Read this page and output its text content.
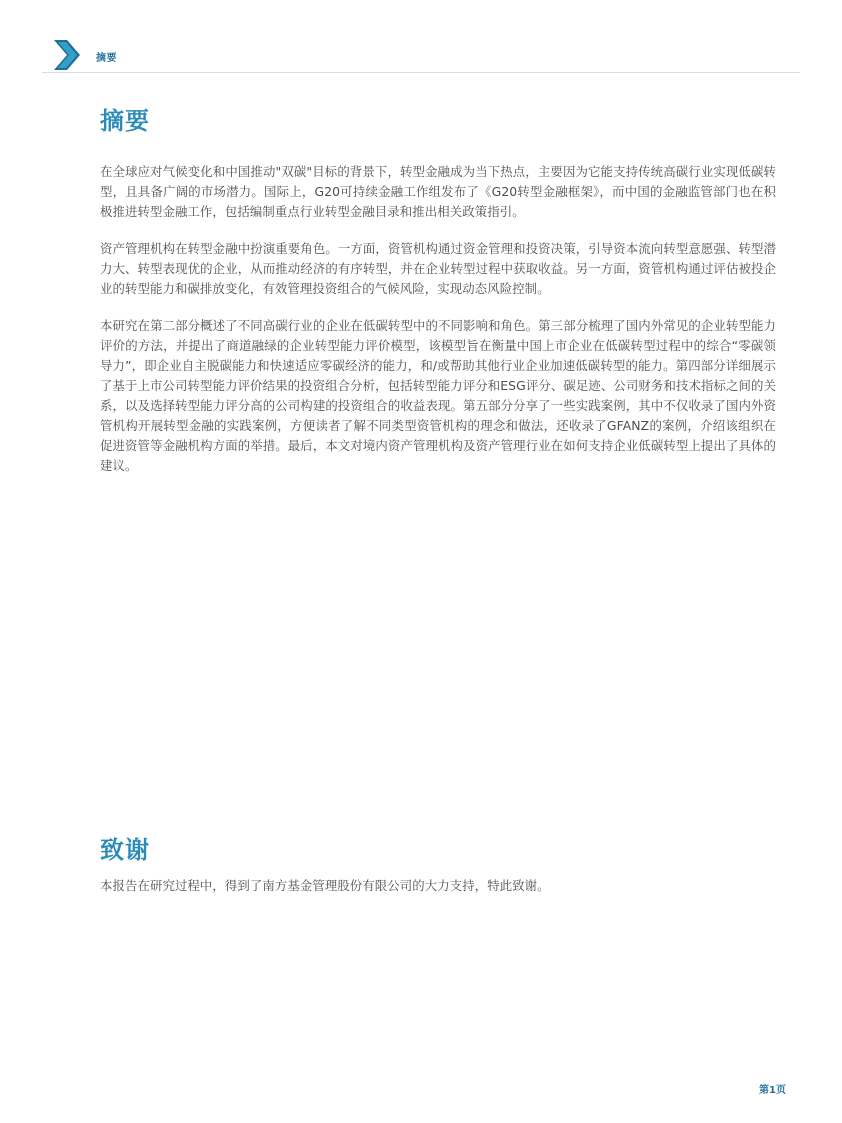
摘要
摘要

在全球应对气候变化和中国推动"双碳"目标的背景下，转型金融成为当下热点，主要因为它能支持传统高碳行业实现低碳转型，且具备广阔的市场潜力。国际上，G20可持续金融工作组发布了《G20转型金融框架》，而中国的金融监管部门也在积极推进转型金融工作，包括编制重点行业转型金融目录和推出相关政策指引。

资产管理机构在转型金融中扮演重要角色。一方面，资管机构通过资金管理和投资决策，引导资本流向转型意愿强、转型潜力大、转型表现优的企业，从而推动经济的有序转型，并在企业转型过程中获取收益。另一方面，资管机构通过评估被投企业的转型能力和碳排放变化，有效管理投资组合的气候风险，实现动态风险控制。

本研究在第二部分概述了不同高碳行业的企业在低碳转型中的不同影响和角色。第三部分梳理了国内外常见的企业转型能力评价的方法，并提出了商道融绿的企业转型能力评价模型，该模型旨在衡量中国上市企业在低碳转型过程中的综合“零碳领导力”，即企业自主脱碳能力和快速适应零碳经济的能力，和/或帮助其他行业企业加速低碳转型的能力。第四部分详细展示了基于上市公司转型能力评价结果的投资组合分析，包括转型能力评分和ESG评分、碳足迹、公司财务和技术指标之间的关系，以及选择转型能力评分高的公司构建的投资组合的收益表现。第五部分分享了一些实践案例，其中不仅收录了国内外资管机构开展转型金融的实践案例，方便读者了解不同类型资管机构的理念和做法，还收录了GFANZ的案例，介绍该组织在促进资管等金融机构方面的举措。最后，本文对境内资产管理机构及资产管理行业在如何支持企业低碳转型上提出了具体的建议。

致谢

本报告在研究过程中，得到了南方基金管理股份有限公司的大力支持，特此致谢。

第1页
